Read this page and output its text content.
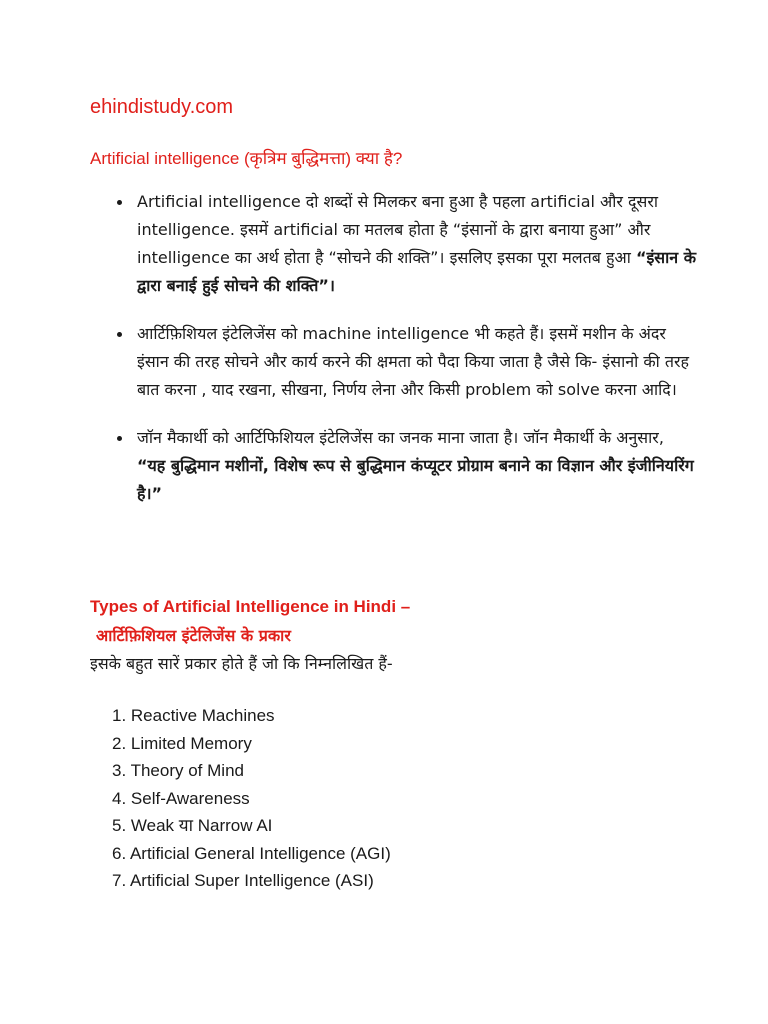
ehindistudy.com
Artificial intelligence (कृत्रिम बुद्धिमत्ता) क्या है?
Artificial intelligence दो शब्दों से मिलकर बना हुआ है पहला artificial और दूसरा intelligence. इसमें artificial का मतलब होता है “इंसानों के द्वारा बनाया हुआ” और intelligence का अर्थ होता है “सोचने की शक्ति”। इसलिए इसका पूरा मलतब हुआ “इंसान के द्वारा बनाई हुई सोचने की शक्ति”।
आर्टिफ़िशियल इंटेलिजेंस को machine intelligence भी कहते हैं। इसमें मशीन के अंदर इंसान की तरह सोचने और कार्य करने की क्षमता को पैदा किया जाता है जैसे कि- इंसानो की तरह बात करना , याद रखना, सीखना, निर्णय लेना और किसी problem को solve करना आदि।
जॉन मैकार्थी को आर्टिफिशियल इंटेलिजेंस का जनक माना जाता है। जॉन मैकार्थी के अनुसार, “यह बुद्धिमान मशीनों, विशेष रूप से बुद्धिमान कंप्यूटर प्रोग्राम बनाने का विज्ञान और इंजीनियरिंग है।”
Types of Artificial Intelligence in Hindi –
आर्टिफ़िशियल इंटेलिजेंस के प्रकार
इसके बहुत सारें प्रकार होते हैं जो कि निम्नलिखित हैं-
1. Reactive Machines
2. Limited Memory
3. Theory of Mind
4. Self-Awareness
5. Weak या Narrow AI
6. Artificial General Intelligence (AGI)
7. Artificial Super Intelligence (ASI)
